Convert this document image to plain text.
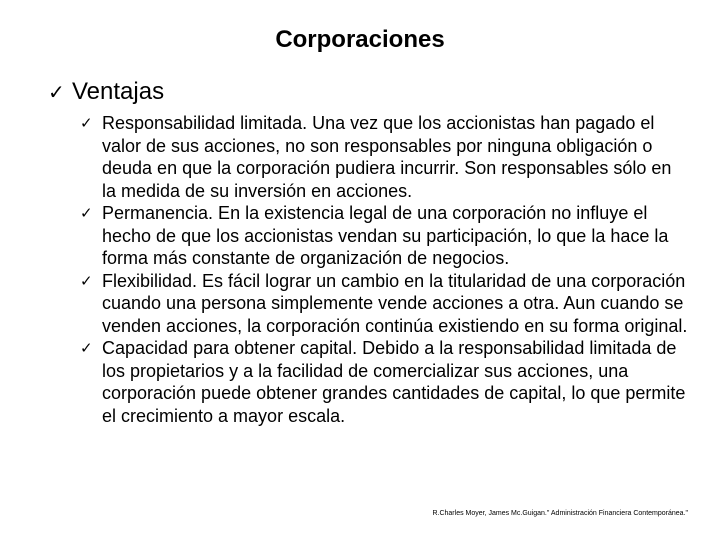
Corporaciones
✓ Ventajas
✓ Responsabilidad limitada. Una vez que los accionistas han pagado el valor de sus acciones, no son responsables por ninguna obligación o deuda en que la corporación pudiera incurrir. Son responsables sólo en la medida de su inversión en acciones.
✓ Permanencia. En la existencia legal de una corporación no influye el hecho de que los accionistas vendan su participación, lo que la hace la forma más constante de organización de negocios.
✓ Flexibilidad. Es fácil lograr un cambio en la titularidad de una corporación cuando una persona simplemente vende acciones a otra. Aun cuando se venden acciones, la corporación continúa existiendo en su forma original.
✓ Capacidad para obtener capital. Debido a la responsabilidad limitada de los propietarios y a la facilidad de comercializar sus acciones, una corporación puede obtener grandes cantidades de capital, lo que permite el crecimiento a mayor escala.
R.Charles Moyer, James Mc.Guigan." Administración Financiera Contemporánea."
